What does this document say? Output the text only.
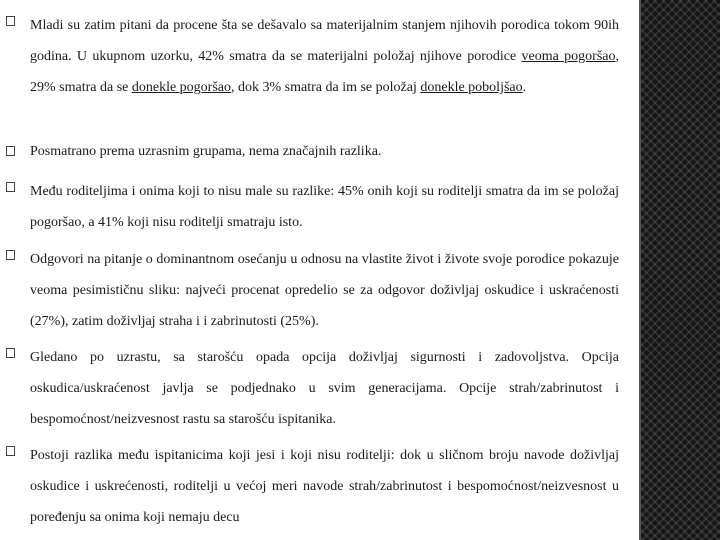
Mladi su zatim pitani da procene šta se dešavalo sa materijalnim stanjem njihovih porodica tokom 90ih godina. U ukupnom uzorku, 42% smatra da se materijalni položaj njihove porodice veoma pogoršao, 29% smatra da se donekle pogoršao, dok 3% smatra da im se položaj donekle poboljšao.
Posmatrano prema uzrasnim grupama, nema značajnih razlika.
Među roditeljima i onima koji to nisu male su razlike: 45% onih koji su roditelji smatra da im se položaj pogoršao, a 41% koji nisu roditelji smatraju isto.
Odgovori na pitanje o dominantnom osećanju u odnosu na vlastite život i živote svoje porodice pokazuje veoma pesimističnu sliku: najveći procenat opredelio se za odgovor doživljaj oskudice i uskraćenosti (27%), zatim doživljaj straha i i zabrinutosti (25%).
Gledano po uzrastu, sa starošću opada opcija doživljaj sigurnosti i zadovoljstva. Opcija oskudica/uskraćenost javlja se podjednako u svim generacijama. Opcije strah/zabrinutost i bespomoćnost/neizvesnost rastu sa starošću ispitanika.
Postoji razlika među ispitanicima koji jesi i koji nisu roditelji: dok u sličnom broju navode doživljaj oskudice i uskrećenosti, roditelji u većoj meri navode strah/zabrinutost i bespomoćnost/neizvesnost u poređenju sa onima koji nemaju decu
